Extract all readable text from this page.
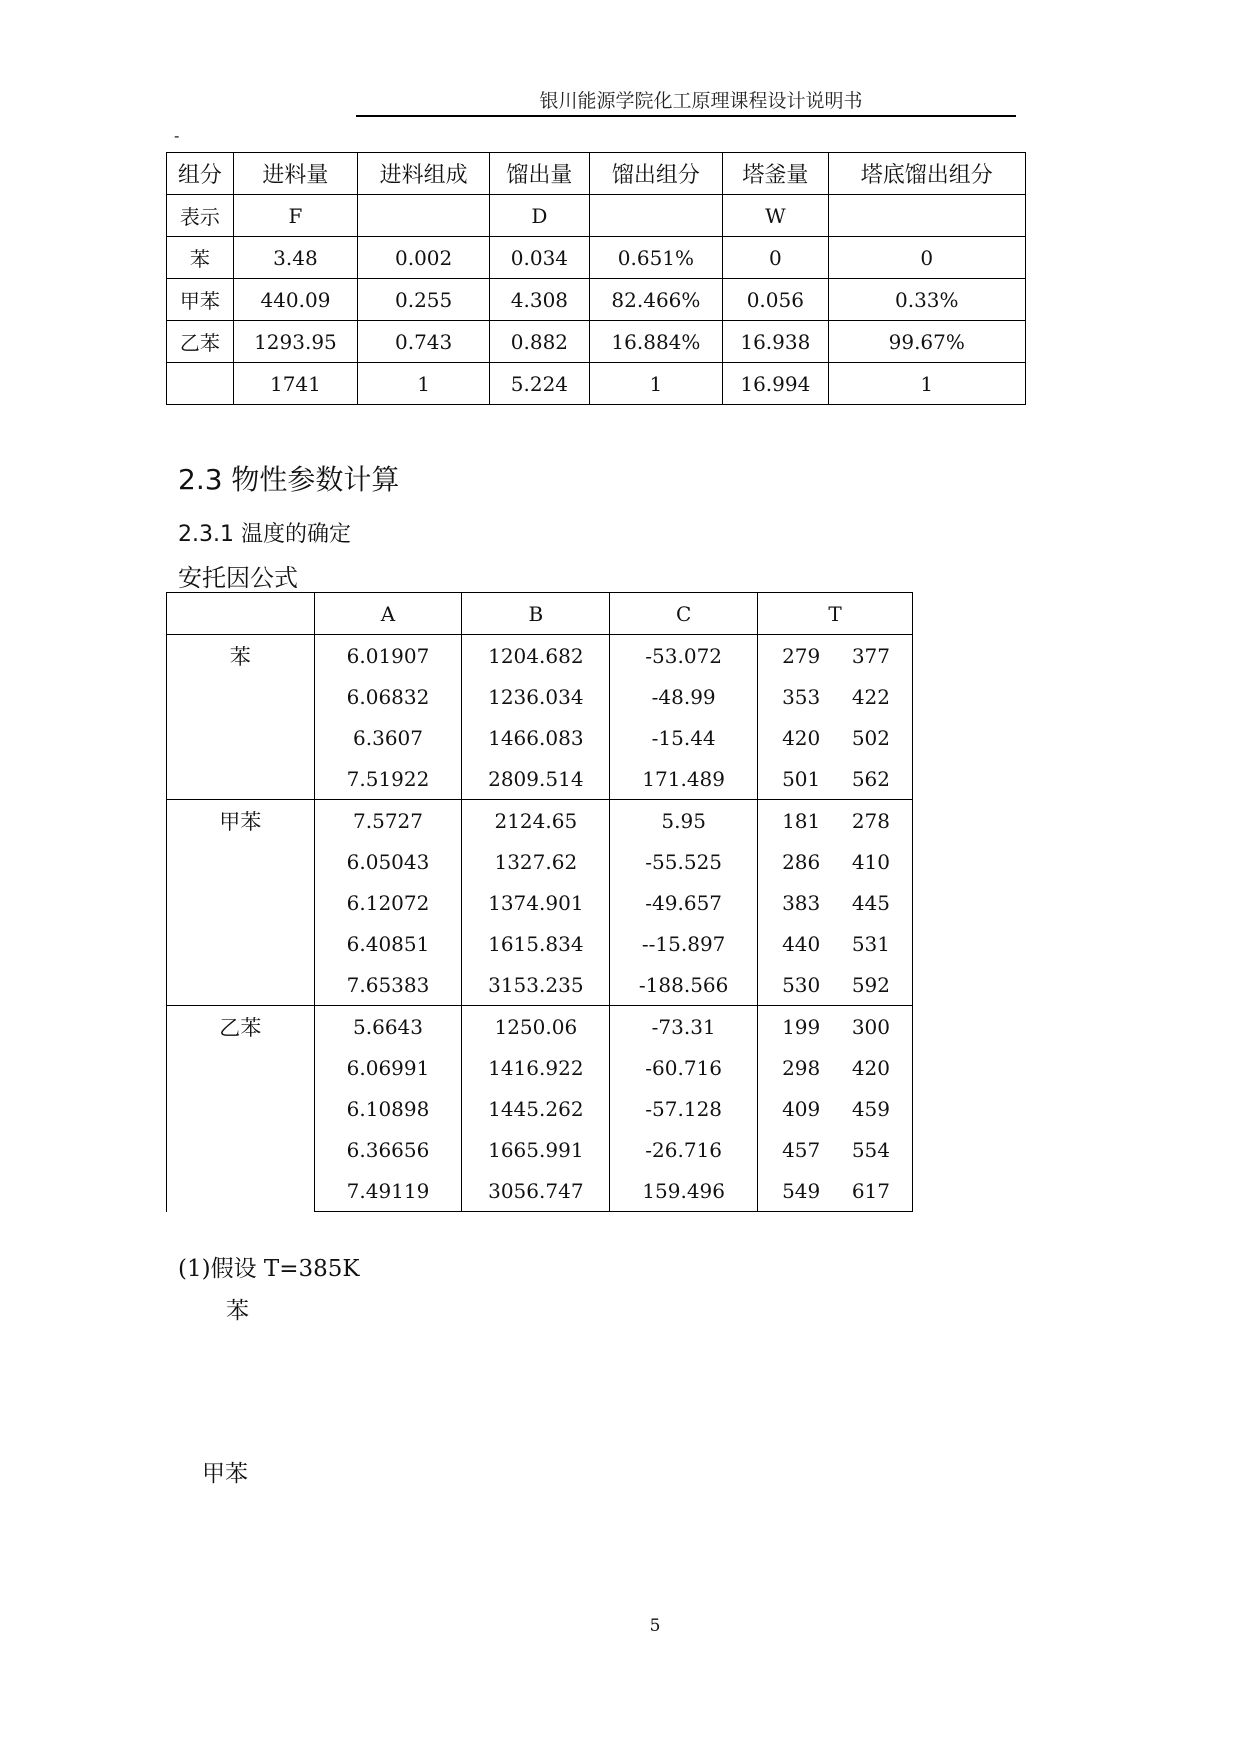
银川能源学院化工原理课程设计说明书
-
组分	进料量	进料组成	馏出量	馏出组分	塔釜量	塔底馏出组分
表示	F		D		W	
苯	3.48	0.002	0.034	0.651%	0	0
甲苯	440.09	0.255	4.308	82.466%	0.056	0.33%
乙苯	1293.95	0.743	0.882	16.884%	16.938	99.67%
	1741	1	5.224	1	16.994	1
2.3 物性参数计算
2.3.1 温度的确定
安托因公式
	A	B	C	T
苯	6.01907	1204.682	-53.072	279 377

	6.06832	1236.034	-48.99	353 422

	6.3607	1466.083	-15.44	420 502

	7.51922	2809.514	171.489	501 562

甲苯	7.5727	2124.65	5.95	181 278

	6.05043	1327.62	-55.525	286 410

	6.12072	1374.901	-49.657	383 445

	6.40851	1615.834	--15.897	440 531

	7.65383	3153.235	-188.566	530 592

乙苯	5.6643	1250.06	-73.31	199 300

	6.06991	1416.922	-60.716	298 420

	6.10898	1445.262	-57.128	409 459

	6.36656	1665.991	-26.716	457 554

	7.49119	3056.747	159.496	549 617
(1)假设 T=385K
苯
甲苯
5
